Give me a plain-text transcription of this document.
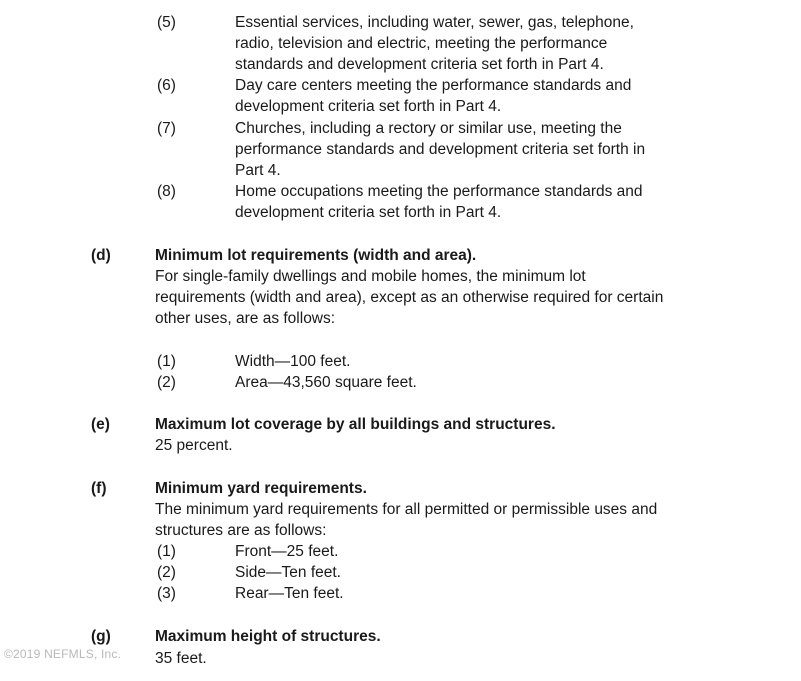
(5)	Essential services, including water, sewer, gas, telephone,
radio, television and electric, meeting the performance
standards and development criteria set forth in Part 4.
(6)	Day care centers meeting the performance standards and
development criteria set forth in Part 4.
(7)	Churches, including a rectory or similar use, meeting the
performance standards and development criteria set forth in
Part 4.
(8)	Home occupations meeting the performance standards and
development criteria set forth in Part 4.
(d)	Minimum lot requirements (width and area).
For single-family dwellings and mobile homes, the minimum lot
requirements (width and area), except as an otherwise required for certain
other uses, are as follows:
(1)	Width—100 feet.
(2)	Area—43,560 square feet.
(e)	Maximum lot coverage by all buildings and structures.
25 percent.
(f)	Minimum yard requirements.
The minimum yard requirements for all permitted or permissible uses and
structures are as follows:
(1)	Front—25 feet.
(2)	Side—Ten feet.
(3)	Rear—Ten feet.
(g)	Maximum height of structures.
35 feet.
©2019 NEFMLS, Inc.
